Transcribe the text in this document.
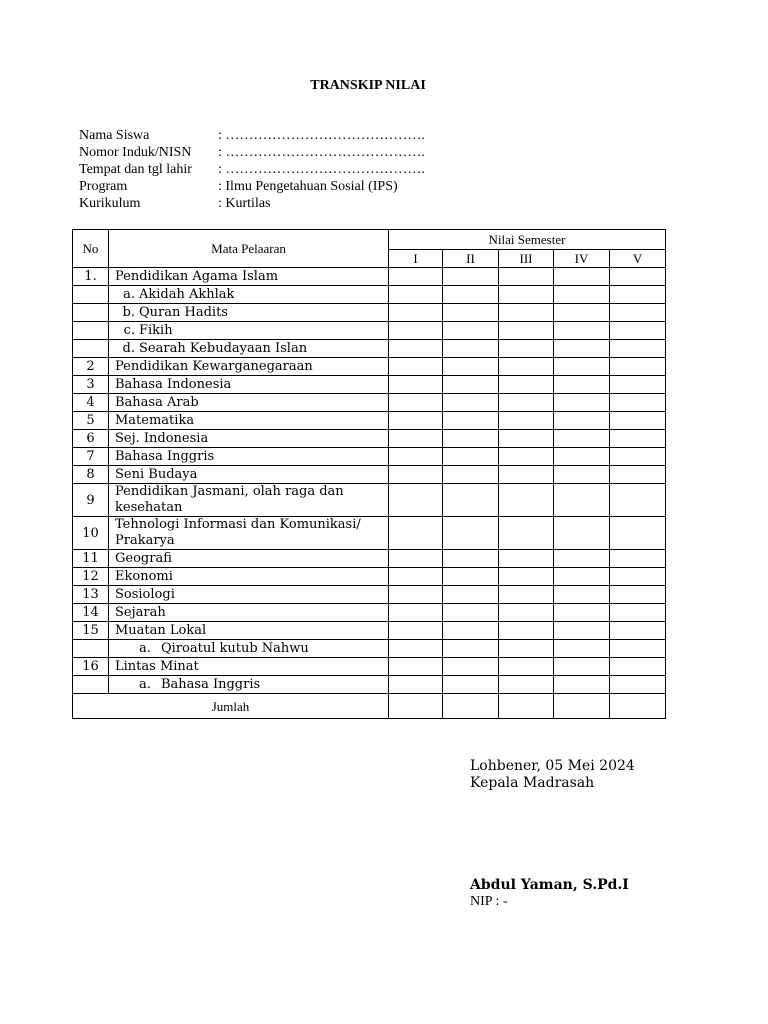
TRANSKIP NILAI
Nama Siswa	: …………………………………….
Nomor Induk/NISN : …………………………………….
Tempat dan tgl lahir : …………………………………….
Program	: Ilmu Pengetahuan Sosial (IPS)
Kurikulum	: Kurtilas
No	Mata Pelaaran	Nilai Semester				
		I	II	III	IV	V
1.	Pendidikan Agama Islam					
	a. Akidah Akhlak					
	b. Quran Hadits					
	c. Fikih					
	d. Searah Kebudayaan Islan					
2	Pendidikan Kewarganegaraan					
3	Bahasa Indonesia					
4	Bahasa Arab					
5	Matematika					
6	Sej. Indonesia					
7	Bahasa Inggris					
8	Seni Budaya					
9	Pendidikan Jasmani, olah raga dan kesehatan					
10	Tehnologi Informasi dan Komunikasi/ Prakarya					
11	Geografi					
12	Ekonomi					
13	Sosiologi					
14	Sejarah					
15	Muatan Lokal					
	a. Qiroatul kutub Nahwu					
16	Lintas Minat					
	a. Bahasa Inggris					
Jumlah						
Lohbener, 05 Mei 2024
Kepala Madrasah
Abdul Yaman, S.Pd.I
NIP : -
